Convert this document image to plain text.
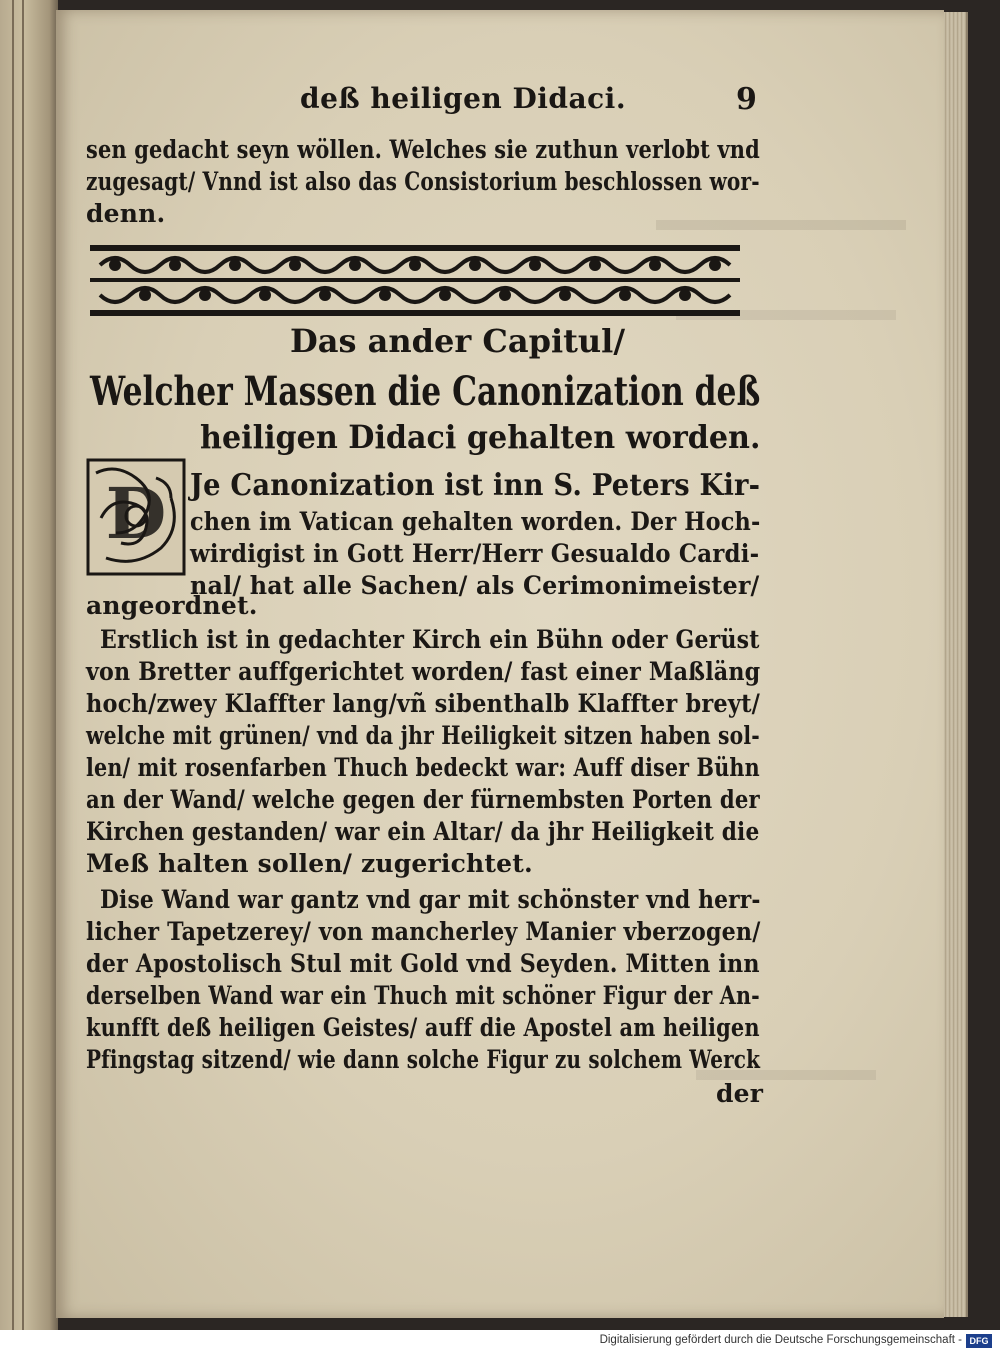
deß heiligen Didaci.	9
sen gedacht seyn wöllen. Welches sie zuthun verlobt vnd
zugesagt/ Vnnd ist also das Consistorium beschlossen wor-
denn.
Das ander Capitul/
Welcher Massen die Canonization deß
heiligen Didaci gehalten worden.
D Je Canonization ist inn S. Peters Kir-
chen im Vatican gehalten worden. Der Hoch-
wirdigist in Gott Herr/Herr Gesualdo Cardi-
nal/ hat alle Sachen/ als Cerimonimeister/
angeordnet.
Erstlich ist in gedachter Kirch ein Bühn oder Gerüst
von Bretter auffgerichtet worden/ fast einer Maßläng
hoch/zwey Klaffter lang/vñ sibenthalb Klaffter breyt/
welche mit grünen/ vnd da jhr Heiligkeit sitzen haben sol-
len/ mit rosenfarben Thuch bedeckt war: Auff diser Bühn
an der Wand/ welche gegen der fürnembsten Porten der
Kirchen gestanden/ war ein Altar/ da jhr Heiligkeit die
Meß halten sollen/ zugerichtet.
Dise Wand war gantz vnd gar mit schönster vnd herr-
licher Tapetzerey/ von mancherley Manier vberzogen/
der Apostolisch Stul mit Gold vnd Seyden. Mitten inn
derselben Wand war ein Thuch mit schöner Figur der An-
kunfft deß heiligen Geistes/ auff die Apostel am heiligen
Pfingstag sitzend/ wie dann solche Figur zu solchem Werck
der
Digitalisierung gefördert durch die Deutsche Forschungsgemeinschaft - DFG
